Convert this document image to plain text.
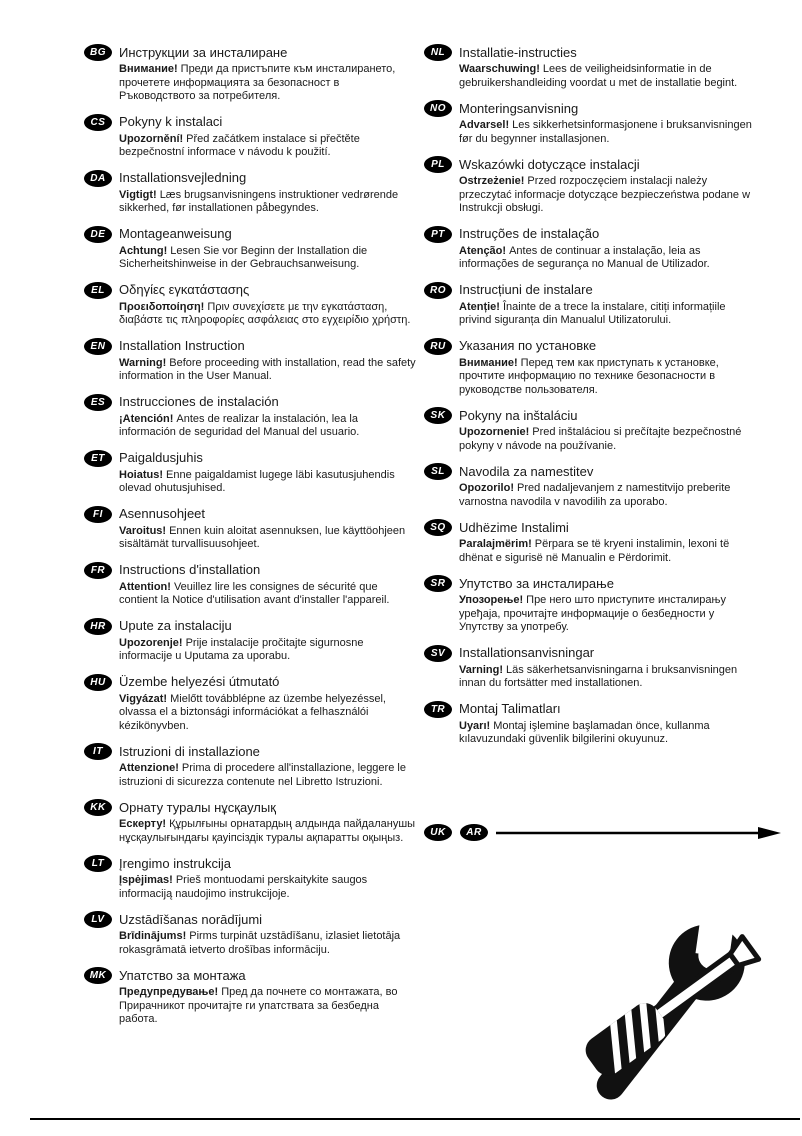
BG	Инструкции за инсталиране

Внимание! Преди да пристъпите към инсталирането, прочетете информацията за безопасност в Ръководството за потребителя.

CS	Pokyny k instalaci

Upozornění! Před začátkem instalace si přečtěte bezpečnostní informace v návodu k použití.

DA	Installationsvejledning

Vigtigt! Læs brugsanvisningens instruktioner vedrørende sikkerhed, før installationen påbegyndes.

DE	Montageanweisung

Achtung! Lesen Sie vor Beginn der Installation die Sicherheitshinweise in der Gebrauchsanweisung.

EL	Οδηγίες εγκατάστασης

Προειδοποίηση! Πριν συνεχίσετε με την εγκατάσταση, διαβάστε τις πληροφορίες ασφάλειας στο εγχειρίδιο χρήστη.

EN	Installation Instruction

Warning! Before proceeding with installation, read the safety information in the User Manual.

ES	Instrucciones de instalación

¡Atención! Antes de realizar la instalación, lea la información de seguridad del Manual del usuario.

ET	Paigaldusjuhis

Hoiatus! Enne paigaldamist lugege läbi kasutusjuhendis olevad ohutusjuhised.

FI	Asennusohjeet

Varoitus! Ennen kuin aloitat asennuksen, lue käyttöohjeen sisältämät turvallisuusohjeet.

FR	Instructions d'installation

Attention! Veuillez lire les consignes de sécurité que contient la Notice d'utilisation avant d'installer l'appareil.

HR	Upute za instalaciju

Upozorenje! Prije instalacije pročitajte sigurnosne informacije u Uputama za uporabu.

HU	Üzembe helyezési útmutató

Vigyázat! Mielőtt továbblépne az üzembe helyezéssel, olvassa el a biztonsági információkat a felhasználói kézikönyvben.

IT	Istruzioni di installazione

Attenzione! Prima di procedere all'installazione, leggere le istruzioni di sicurezza contenute nel Libretto Istruzioni.

KK	Орнату туралы нұсқаулық

Ескерту! Құрылғыны орнатардың алдында пайдаланушы нұсқаулығындағы қауіпсіздік туралы ақпаратты оқыңыз.

LT	Įrengimo instrukcija

Įspėjimas! Prieš montuodami perskaitykite saugos informaciją naudojimo instrukcijoje.

LV	Uzstādīšanas norādījumi

Brīdinājums! Pirms turpināt uzstādīšanu, izlasiet lietotāja rokasgrāmatā ietverto drošības informāciju.

MK Упатство за монтажа

Предупредување! Пред да почнете со монтажата, во Прирачникот прочитајте ги упатствата за безбедна работа.

NL	Installatie-instructies

Waarschuwing! Lees de veiligheidsinformatie in de gebruikershandleiding voordat u met de installatie begint.

NO	Monteringsanvisning

Advarsel! Les sikkerhetsinformasjonene i bruksanvisningen før du begynner installasjonen.

PL	Wskazówki dotyczące instalacji

Ostrzeżenie! Przed rozpoczęciem instalacji należy przeczytać informacje dotyczące bezpieczeństwa podane w Instrukcji obsługi.

PT	Instruções de instalação

Atenção! Antes de continuar a instalação, leia as informações de segurança no Manual de Utilizador.

RO	Instrucțiuni de instalare

Atenție! Înainte de a trece la instalare, citiți informațiile privind siguranța din Manualul Utilizatorului.

RU	Указания по установке

Внимание! Перед тем как приступать к установке, прочтите информацию по технике безопасности в руководстве пользователя.

SK	Pokyny na inštaláciu

Upozornenie! Pred inštaláciou si prečítajte bezpečnostné pokyny v návode na používanie.

SL	Navodila za namestitev

Opozorilo! Pred nadaljevanjem z namestitvijo preberite varnostna navodila v navodilih za uporabo.

SQ	Udhëzime Instalimi

Paralajmërim! Përpara se të kryeni instalimin, lexoni të dhënat e sigurisë në Manualin e Përdorimit.

SR	Упутство за инсталирање

Упозорење! Пре него што приступите инсталирању уређаја, прочитајте информације о безбедности у Упутству за употребу.

SV	Installationsanvisningar

Varning! Läs säkerhetsanvisningarna i bruksanvisningen innan du fortsätter med installationen.

TR	Montaj Talimatları

Uyarı! Montaj işlemine başlamadan önce, kullanma kılavuzundaki güvenlik bilgilerini okuyunuz.

UK	AR
